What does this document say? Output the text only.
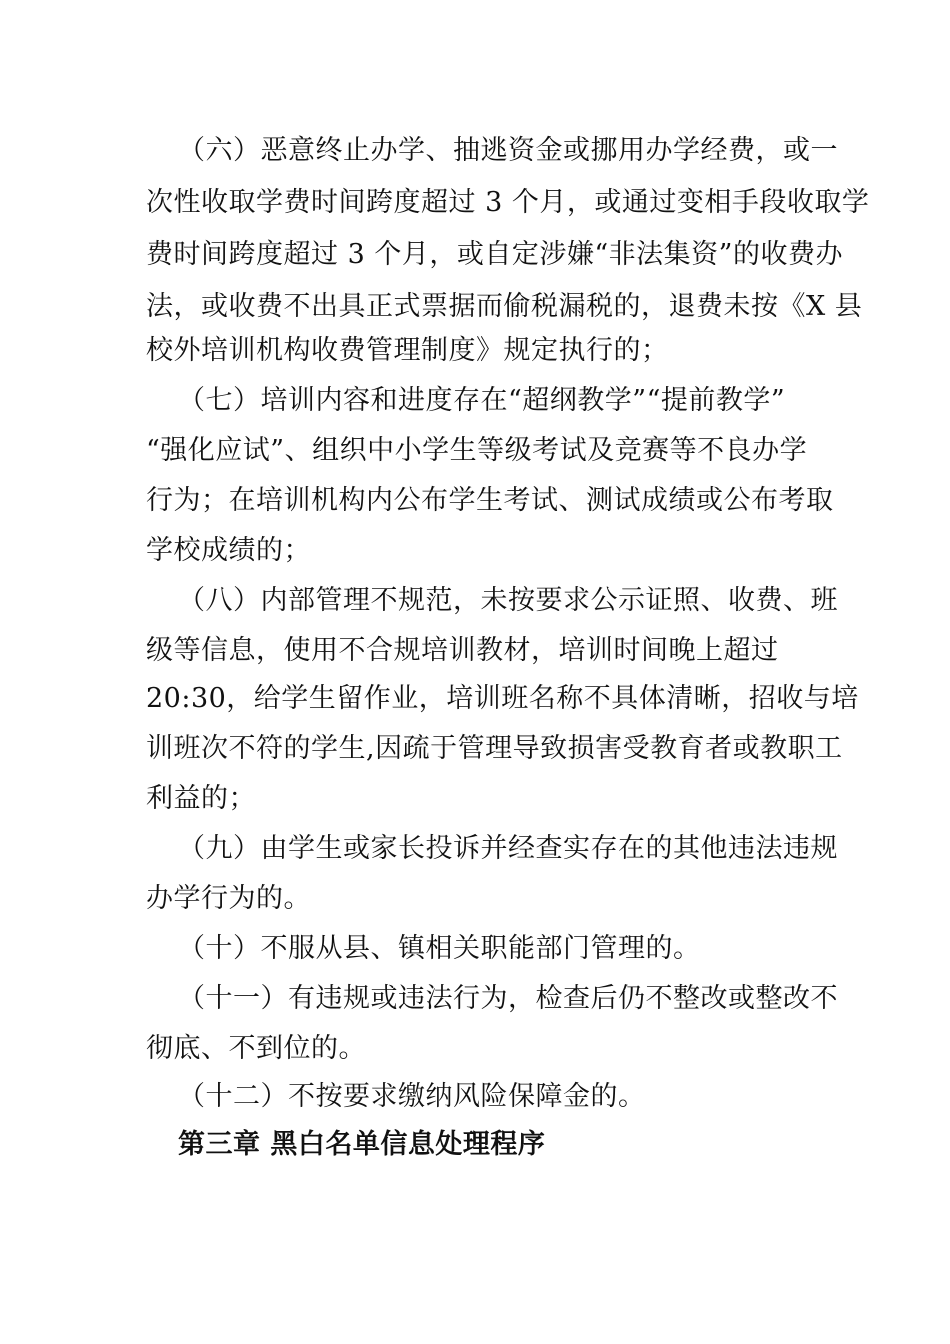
（六）恶意终止办学、抽逃资金或挪用办学经费，或一
次性收取学费时间跨度超过 3 个月，或通过变相手段收取学
费时间跨度超过 3 个月，或自定涉嫌“非法集资”的收费办
法，或收费不出具正式票据而偷税漏税的，退费未按《X 县
校外培训机构收费管理制度》规定执行的；
（七）培训内容和进度存在“超纲教学”“提前教学”
“强化应试”、组织中小学生等级考试及竞赛等不良办学
行为；在培训机构内公布学生考试、测试成绩或公布考取
学校成绩的；
（八）内部管理不规范，未按要求公示证照、收费、班
级等信息，使用不合规培训教材，培训时间晚上超过
20:30，给学生留作业，培训班名称不具体清晰，招收与培
训班次不符的学生,因疏于管理导致损害受教育者或教职工
利益的；
（九）由学生或家长投诉并经查实存在的其他违法违规
办学行为的。
（十）不服从县、镇相关职能部门管理的。
（十一）有违规或违法行为，检查后仍不整改或整改不
彻底、不到位的。
（十二）不按要求缴纳风险保障金的。
第三章 黑白名单信息处理程序
